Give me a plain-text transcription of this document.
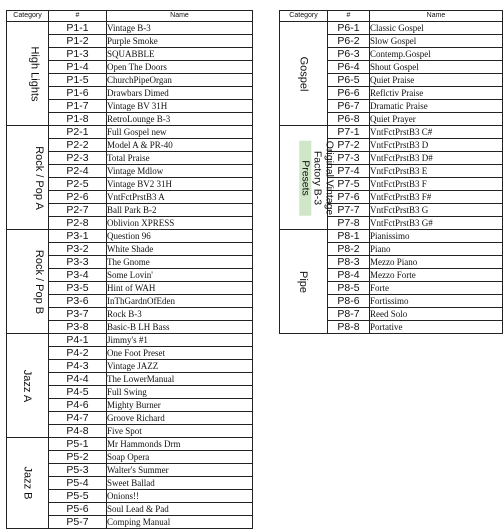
Category	#	Name
High Lights	P1-1	Vintage B-3
	P1-2	Purple Smoke
	P1-3	SQUABBLE
	P1-4	Open The Doors
	P1-5	ChurchPipeOrgan
	P1-6	Drawbars Dimed
	P1-7	Vintage BV 31H
	P1-8	RetroLounge B-3
Rock / Pop A	P2-1	Full Gospel new
	P2-2	Model A & PR-40
	P2-3	Total Praise
	P2-4	Vintage Mdlow
	P2-5	Vintage BV2 31H
	P2-6	VntFctPrstB3 A
	P2-7	Ball Park B-2
	P2-8	Oblivion XPRESS
Rock / Pop B	P3-1	Question 96
	P3-2	White Shade
	P3-3	The Gnome
	P3-4	Some Lovin'
	P3-5	Hint of WAH
	P3-6	InThGardnOfEden
	P3-7	Rock B-3
	P3-8	Basic-B LH Bass
Jazz A	P4-1	Jimmy's #1
	P4-2	One Foot Preset
	P4-3	Vintage JAZZ
	P4-4	The LowerManual
	P4-5	Full Swing
	P4-6	Mighty Burner
	P4-7	Groove Richard
	P4-8	Five Spot
Jazz B	P5-1	Mr Hammonds Drm
	P5-2	Soap Opera
	P5-3	Walter's Summer
	P5-4	Sweet Ballad
	P5-5	Onions!!
	P5-6	Soul Lead & Pad
	P5-7	Comping Manual
Category	#	Name
Gospel	P6-1	Classic Gospel
	P6-2	Slow Gospel
	P6-3	Contemp.Gospel
	P6-4	Shout Gospel
	P6-5	Quiet Praise
	P6-6	Reflctiv Praise
	P6-7	Dramatic Praise
	P6-8	Quiet Prayer

Original Vintage
Factory B-3
Presets	P7-1	VntFctPrstB3 C#
	P7-2	VntFctPrstB3 D
	P7-3	VntFctPrstB3 D#
	P7-4	VntFctPrstB3 E
	P7-5	VntFctPrstB3 F
	P7-6	VntFctPrstB3 F#
	P7-7	VntFctPrstB3 G
	P7-8	VntFctPrstB3 G#
Pipe	P8-1	Pianissimo
	P8-2	Piano
	P8-3	Mezzo Piano
	P8-4	Mezzo Forte
	P8-5	Forte
	P8-6	Fortissimo
	P8-7	Reed Solo
	P8-8	Portative
